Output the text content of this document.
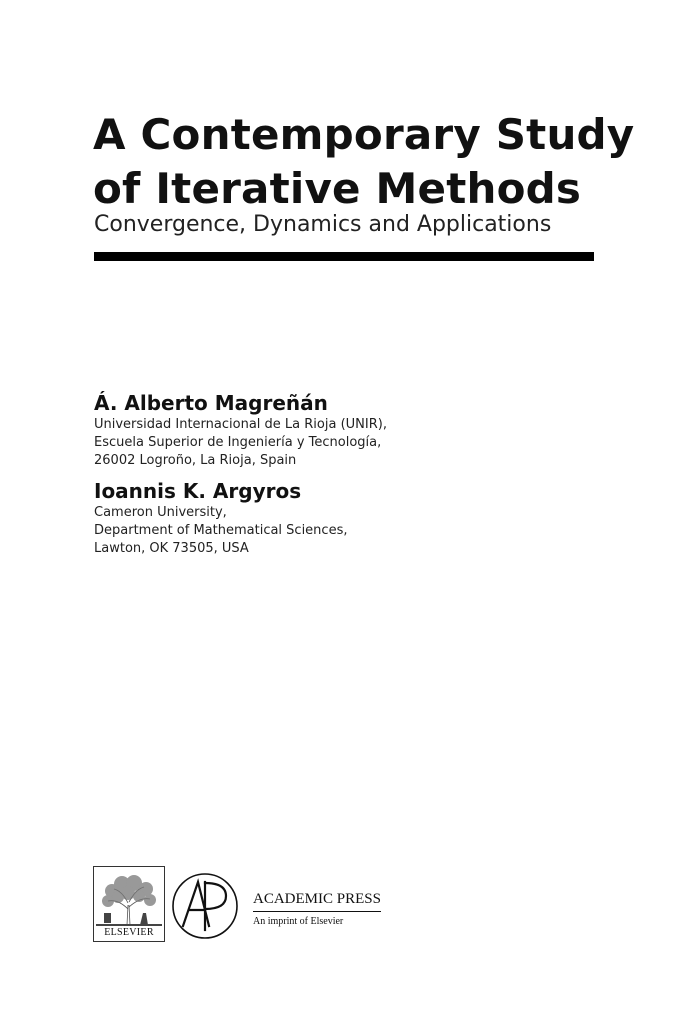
A Contemporary Study
of Iterative Methods

Convergence, Dynamics and Applications

Á. Alberto Magreñán
Universidad Internacional de La Rioja (UNIR),
Escuela Superior de Ingeniería y Tecnología,
26002 Logroño, La Rioja, Spain
Ioannis K. Argyros
Cameron University,
Department of Mathematical Sciences,
Lawton, OK 73505, USA
ELSEVIER
ACADEMIC PRESS
An imprint of Elsevier
